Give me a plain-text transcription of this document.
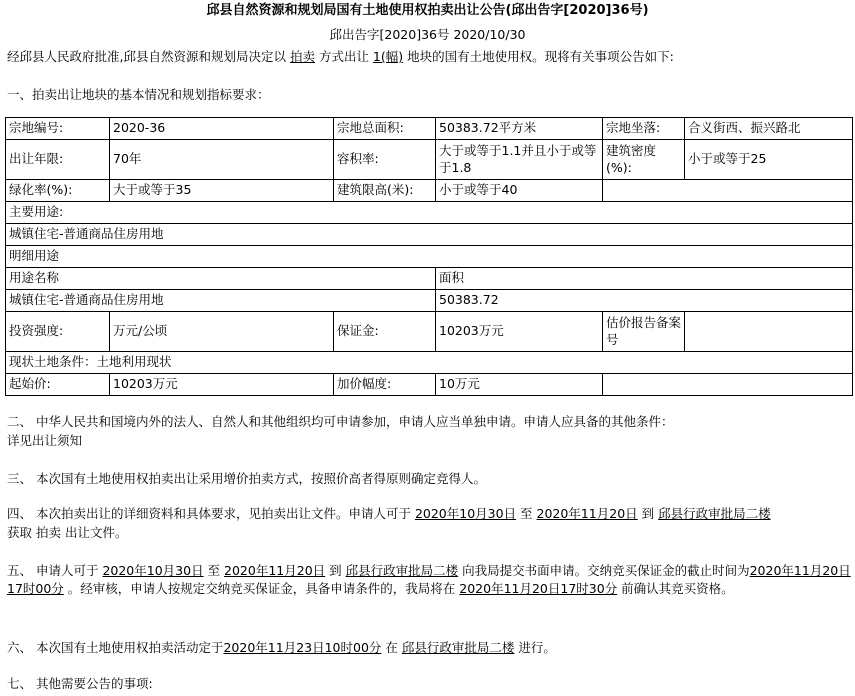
邱县自然资源和规划局国有土地使用权拍卖出让公告(邱出告字[2020]36号)
邱出告字[2020]36号 2020/10/30
经邱县人民政府批准,邱县自然资源和规划局决定以 拍卖 方式出让 1(幅) 地块的国有土地使用权。现将有关事项公告如下:
一、拍卖出让地块的基本情况和规划指标要求：
宗地编号:	2020-36	宗地总面积:	50383.72平方米	宗地坐落:	合义街西、振兴路北
出让年限:	70年	容积率:	大于或等于1.1并且小于或等于1.8	建筑密度(%):	小于或等于25
绿化率(%):	大于或等于35	建筑限高(米):	小于或等于40		
主要用途:					
城镇住宅-普通商品住房用地					
明细用途					
用途名称			面积		
城镇住宅-普通商品住房用地			50383.72		
投资强度:	万元/公顷	保证金:	10203万元	估价报告备案号	
现状土地条件：土地利用现状					
起始价:	10203万元	加价幅度:	10万元		
二、 中华人民共和国境内外的法人、自然人和其他组织均可申请参加，申请人应当单独申请。申请人应具备的其他条件：
详见出让须知
三、 本次国有土地使用权拍卖出让采用增价拍卖方式，按照价高者得原则确定竞得人。
四、 本次拍卖出让的详细资料和具体要求，见拍卖出让文件。申请人可于 2020年10月30日 至 2020年11月20日 到 邱县行政审批局二楼
获取 拍卖 出让文件。
五、 申请人可于 2020年10月30日 至 2020年11月20日 到 邱县行政审批局二楼 向我局提交书面申请。交纳竞买保证金的截止时间为2020年11月20日17时00分 。经审核，申请人按规定交纳竞买保证金，具备申请条件的，我局将在 2020年11月20日17时30分 前确认其竞买资格。
六、 本次国有土地使用权拍卖活动定于2020年11月23日10时00分 在 邱县行政审批局二楼 进行。
七、 其他需要公告的事项:
